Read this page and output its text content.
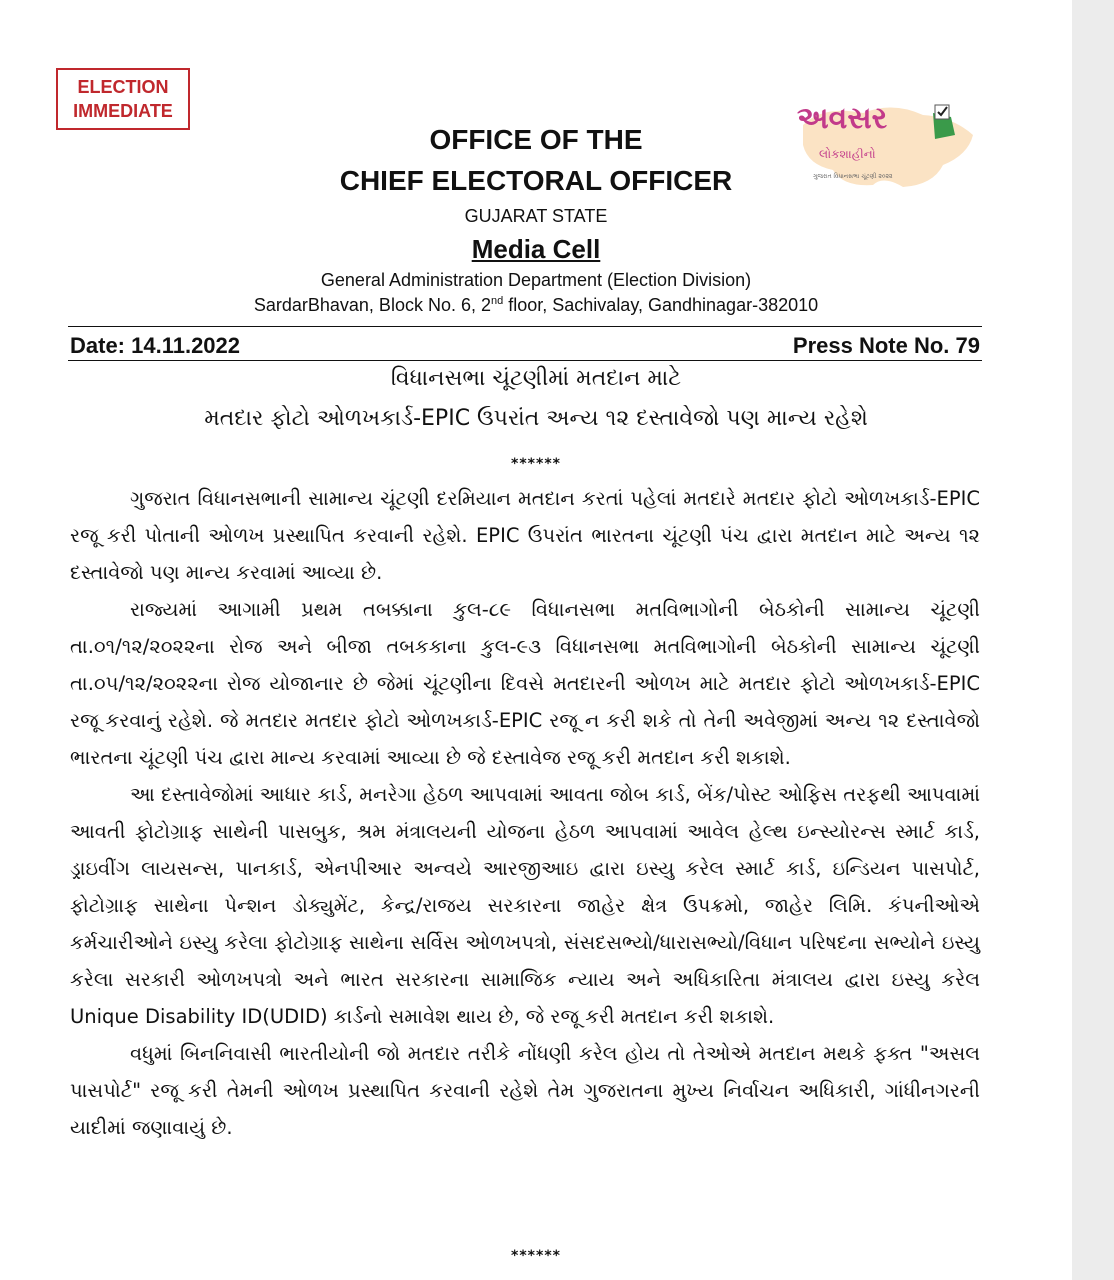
ELECTION
IMMEDIATE
OFFICE OF THE
CHIEF ELECTORAL OFFICER
GUJARAT STATE
Media Cell
General Administration Department (Election Division)
SardarBhavan, Block No. 6, 2nd floor, Sachivalay, Gandhinagar-382010
અવસર
લોકશાહીનો
ગુજરાત વિધાનસભા ચૂંટણી ૨૦૨૨
Date: 14.11.2022	Press Note No. 79
વિધાનસભા ચૂંટણીમાં મતદાન માટે
મતદાર ફોટો ઓળખકાર્ડ-EPIC ઉપરાંત અન્ય ૧૨ દસ્તાવેજો પણ માન્ય રહેશે
******

ગુજરાત વિધાનસભાની સામાન્ય ચૂંટણી દરમિયાન મતદાન કરતાં પહેલાં મતદારે મતદાર ફોટો ઓળખકાર્ડ-EPIC રજૂ કરી પોતાની ઓળખ પ્રસ્થાપિત કરવાની રહેશે. EPIC ઉપરાંત ભારતના ચૂંટણી પંચ દ્વારા મતદાન માટે અન્ય ૧૨ દસ્તાવેજો પણ માન્ય કરવામાં આવ્યા છે.

રાજ્યમાં આગામી પ્રથમ તબક્કાના કુલ-૮૯ વિધાનસભા મતવિભાગોની બેઠકોની સામાન્ય ચૂંટણી તા.૦૧/૧૨/૨૦૨૨ના રોજ અને બીજા તબકકાના કુલ-૯૩ વિધાનસભા મતવિભાગોની બેઠકોની સામાન્ય ચૂંટણી તા.૦૫/૧૨/૨૦૨૨ના રોજ યોજાનાર છે જેમાં ચૂંટણીના દિવસે મતદારની ઓળખ માટે મતદાર ફોટો ઓળખકાર્ડ-EPIC રજૂ કરવાનું રહેશે. જે મતદાર મતદાર ફોટો ઓળખકાર્ડ-EPIC રજૂ ન કરી શકે તો તેની અવેજીમાં અન્ય ૧૨ દસ્તાવેજો ભારતના ચૂંટણી પંચ દ્વારા માન્ય કરવામાં આવ્યા છે જે દસ્તાવેજ રજૂ કરી મતદાન કરી શકાશે.

આ દસ્તાવેજોમાં આધાર કાર્ડ, મનરેગા હેઠળ આપવામાં આવતા જોબ કાર્ડ, બેંક/પોસ્ટ ઓફિસ તરફથી આપવામાં આવતી ફોટોગ્રાફ સાથેની પાસબુક, શ્રમ મંત્રાલયની યોજના હેઠળ આપવામાં આવેલ હેલ્થ ઇન્સ્યોરન્સ સ્માર્ટ કાર્ડ, ડ્રાઇવીંગ લાયસન્સ, પાનકાર્ડ, એનપીઆર અન્વયે આરજીઆઇ દ્વારા ઇસ્યુ કરેલ સ્માર્ટ કાર્ડ, ઇન્ડિયન પાસપોર્ટ, ફોટોગ્રાફ સાથેના પેન્શન ડોક્યુમેંટ, કેન્દ્ર/રાજય સરકારના જાહેર ક્ષેત્ર ઉપક્રમો, જાહેર લિમિ. કંપનીઓએ કર્મચારીઓને ઇસ્યુ કરેલા ફોટોગ્રાફ સાથેના સર્વિસ ઓળખપત્રો, સંસદસભ્યો/ધારાસભ્યો/વિધાન પરિષદના સભ્યોને ઇસ્યુ કરેલા સરકારી ઓળખપત્રો અને ભારત સરકારના સામાજિક ન્યાય અને અધિકારિતા મંત્રાલય દ્વારા ઇસ્યુ કરેલ Unique Disability ID(UDID) કાર્ડનો સમાવેશ થાય છે, જે રજૂ કરી મતદાન કરી શકાશે.

વધુમાં બિનનિવાસી ભારતીયોની જો મતદાર તરીકે નોંધણી કરેલ હોય તો તેઓએ મતદાન મથકે ફક્ત "અસલ પાસપોર્ટ" રજૂ કરી તેમની ઓળખ પ્રસ્થાપિત કરવાની રહેશે તેમ ગુજરાતના મુખ્ય નિર્વાચન અધિકારી, ગાંધીનગરની યાદીમાં જણાવાયું છે.

******
